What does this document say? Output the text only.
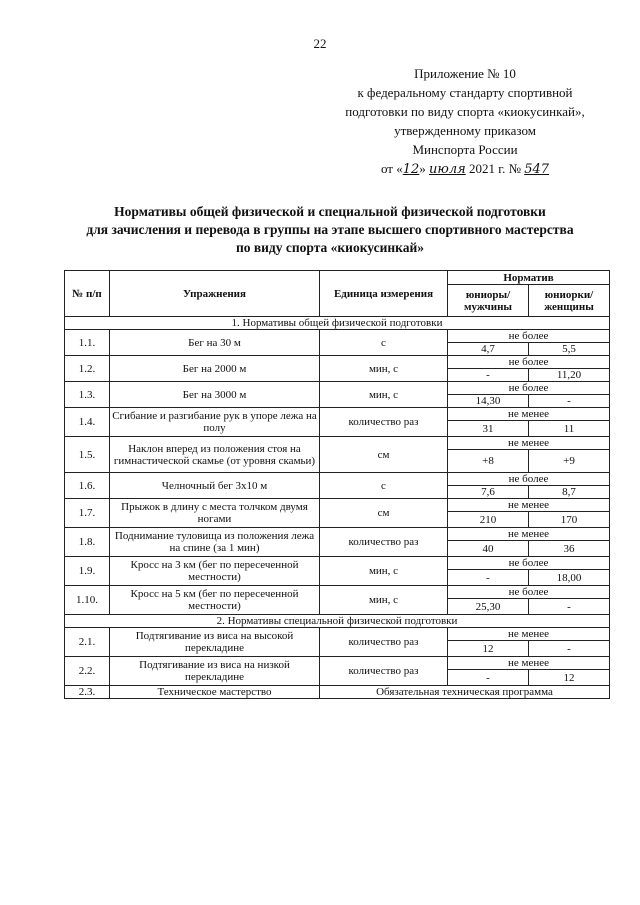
22
Приложение № 10
к федеральному стандарту спортивной
подготовки по виду спорта «киокусинкай»,
утвержденному приказом
Минспорта России
от «12» июля 2021 г. № 547
Нормативы общей физической и специальной физической подготовки
для зачисления и перевода в группы на этапе высшего спортивного мастерства
по виду спорта «киокусинкай»
№ п/п	Упражнения	Единица измерения	Норматив	
			юниоры/ мужчины	юниорки/ женщины
1. Нормативы общей физической подготовки				
1.1.	Бег на 30 м	с	не более	
			4,7	5,5
1.2.	Бег на 2000 м	мин, с	не более	
			-	11,20
1.3.	Бег на 3000 м	мин, с	не более	
			14,30	-
1.4.	Сгибание и разгибание рук в упоре лежа на полу	количество раз	не менее	
			31	11
1.5.	Наклон вперед из положения стоя на гимнастической скамье (от уровня скамьи)	см	не менее	
			+8	+9
1.6.	Челночный бег 3х10 м	с	не более	
			7,6	8,7
1.7.	Прыжок в длину с места толчком двумя ногами	см	не менее	
			210	170
1.8.	Поднимание туловища из положения лежа на спине (за 1 мин)	количество раз	не менее	
			40	36
1.9.	Кросс на 3 км (бег по пересеченной местности)	мин, с	не более	
			-	18,00
1.10.	Кросс на 5 км (бег по пересеченной местности)	мин, с	не более	
			25,30	-
2. Нормативы специальной физической подготовки				
2.1.	Подтягивание из виса на высокой перекладине	количество раз	не менее	
			12	-
2.2.	Подтягивание из виса на низкой перекладине	количество раз	не менее	
			-	12
2.3.	Техническое мастерство	Обязательная техническая программа		
